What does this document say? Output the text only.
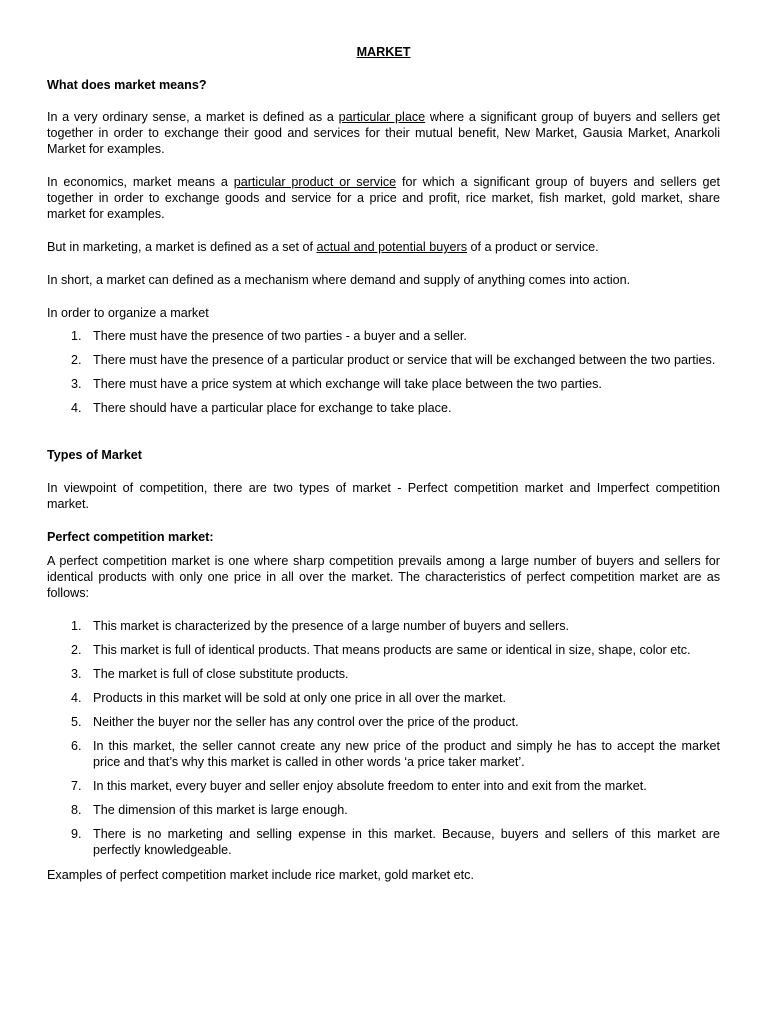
MARKET
What does market means?

In a very ordinary sense, a market is defined as a particular place where a significant group of buyers and sellers get together in order to exchange their good and services for their mutual benefit, New Market, Gausia Market, Anarkoli Market for examples.

In economics, market means a particular product or service for which a significant group of buyers and sellers get together in order to exchange goods and service for a price and profit, rice market, fish market, gold market, share market for examples.

But in marketing, a market is defined as a set of actual and potential buyers of a product or service.

In short, a market can defined as a mechanism where demand and supply of anything comes into action.

In order to organize a market

1. There must have the presence of two parties - a buyer and a seller.
2. There must have the presence of a particular product or service that will be exchanged between the two parties.
3. There must have a price system at which exchange will take place between the two parties.
4. There should have a particular place for exchange to take place.
Types of Market

In viewpoint of competition, there are two types of market - Perfect competition market and Imperfect competition market.

Perfect competition market:

A perfect competition market is one where sharp competition prevails among a large number of buyers and sellers for identical products with only one price in all over the market. The characteristics of perfect competition market are as follows:

1. This market is characterized by the presence of a large number of buyers and sellers.
2. This market is full of identical products. That means products are same or identical in size, shape, color etc.
3. The market is full of close substitute products.
4. Products in this market will be sold at only one price in all over the market.
5. Neither the buyer nor the seller has any control over the price of the product.
6. In this market, the seller cannot create any new price of the product and simply he has to accept the market price and that’s why this market is called in other words ‘a price taker market’.
7. In this market, every buyer and seller enjoy absolute freedom to enter into and exit from the market.
8. The dimension of this market is large enough.
9. There is no marketing and selling expense in this market. Because, buyers and sellers of this market are perfectly knowledgeable.

Examples of perfect competition market include rice market, gold market etc.
